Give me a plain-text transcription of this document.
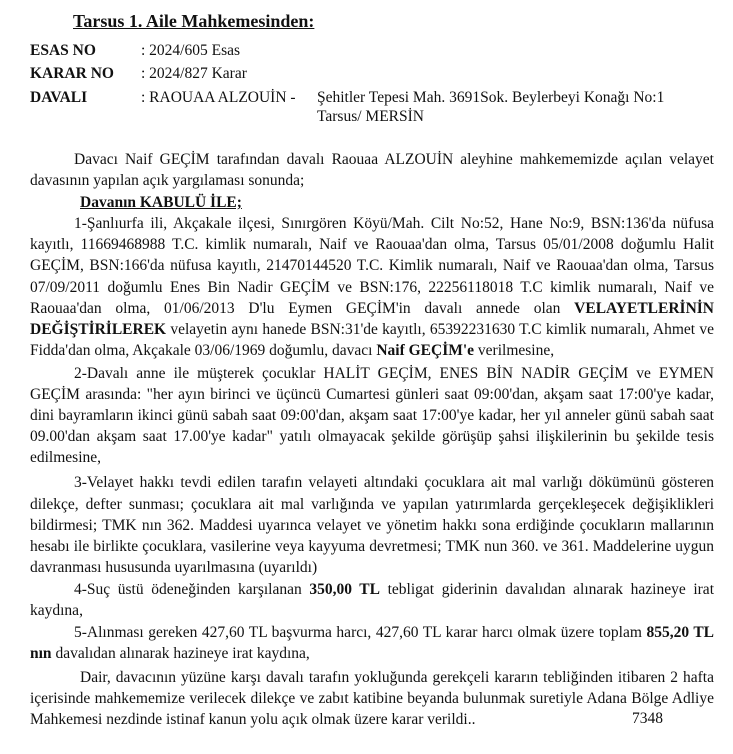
Tarsus 1. Aile Mahkemesinden:
ESAS NO	: 2024/605 Esas
KARAR NO	: 2024/827 Karar
DAVALI	: RAOUAA ALZOUİN - Şehitler Tepesi Mah. 3691Sok. Beylerbeyi Konağı No:1
Tarsus/ MERSİN

Davacı Naif GEÇİM tarafından davalı Raouaa ALZOUİN aleyhine mahkememizde açılan velayet davasının yapılan açık yargılaması sonunda;

Davanın KABULÜ İLE;

1-Şanlıurfa ili, Akçakale ilçesi, Sınırgören Köyü/Mah. Cilt No:52, Hane No:9, BSN:136'da nüfusa kayıtlı, 11669468988 T.C. kimlik numaralı, Naif ve Raouaa'dan olma, Tarsus 05/01/2008 doğumlu Halit GEÇİM, BSN:166'da nüfusa kayıtlı, 21470144520 T.C. Kimlik numaralı, Naif ve Raouaa'dan olma, Tarsus 07/09/2011 doğumlu Enes Bin Nadir GEÇİM ve BSN:176, 22256118018 T.C kimlik numaralı, Naif ve Raouaa'dan olma, 01/06/2013 D'lu Eymen GEÇİM'in davalı annede olan VELAYETLERİNİN DEĞİŞTİRİLEREK velayetin aynı hanede BSN:31'de kayıtlı, 65392231630 T.C kimlik numaralı, Ahmet ve Fidda'dan olma, Akçakale 03/06/1969 doğumlu, davacı Naif GEÇİM'e verilmesine,

2-Davalı anne ile müşterek çocuklar HALİT GEÇİM, ENES BİN NADİR GEÇİM ve EYMEN GEÇİM arasında: "her ayın birinci ve üçüncü Cumartesi günleri saat 09:00'dan, akşam saat 17:00'ye kadar, dini bayramların ikinci günü sabah saat 09:00'dan, akşam saat 17:00'ye kadar, her yıl anneler günü sabah saat 09.00'dan akşam saat 17.00'ye kadar" yatılı olmayacak şekilde görüşüp şahsi ilişkilerinin bu şekilde tesis edilmesine,

3-Velayet hakkı tevdi edilen tarafın velayeti altındaki çocuklara ait mal varlığı dökümünü gösteren dilekçe, defter sunması; çocuklara ait mal varlığında ve yapılan yatırımlarda gerçekleşecek değişiklikleri bildirmesi; TMK nın 362. Maddesi uyarınca velayet ve yönetim hakkı sona erdiğinde çocukların mallarının hesabı ile birlikte çocuklara, vasilerine veya kayyuma devretmesi; TMK nun 360. ve 361. Maddelerine uygun davranması hususunda uyarılmasına (uyarıldı)

4-Suç üstü ödeneğinden karşılanan 350,00 TL tebligat giderinin davalıdan alınarak hazineye irat kaydına,

5-Alınması gereken 427,60 TL başvurma harcı, 427,60 TL karar harcı olmak üzere toplam 855,20 TL nın davalıdan alınarak hazineye irat kaydına,

Dair, davacının yüzüne karşı davalı tarafın yokluğunda gerekçeli kararın tebliğinden itibaren 2 hafta içerisinde mahkememize verilecek dilekçe ve zabıt katibine beyanda bulunmak suretiyle Adana Bölge Adliye Mahkemesi nezdinde istinaf kanun yolu açık olmak üzere karar verildi..	7348
